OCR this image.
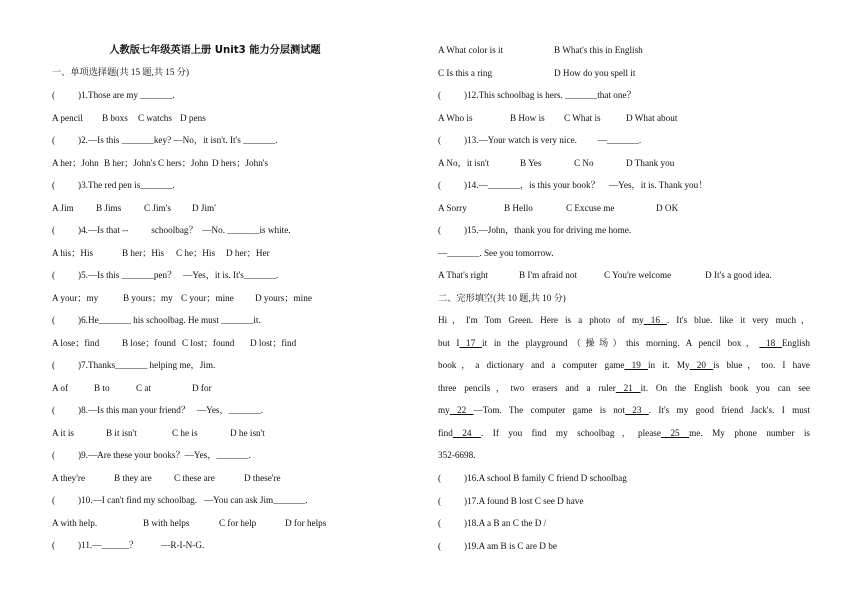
人教版七年级英语上册 Unit3 能力分层测试题
一、单项选择题(共 15 题,共 15 分)
(          )1.Those are my _______.
A pencil B boxs C watchs D pens
(          )2.—Is this _______key? —No，it isn't. It's _______.
A her；John B her；John's C hers；John D hers；John's
(          )3.The red pen is_______.
A Jim B Jims C Jim's D Jim'
(          )4.—Is that --          schoolbag？  —No. _______is white.
A his；His	B her；His C he；His D her；Her
(          )5.—Is this _______pen？   —Yes，it is. It's_______.
A your；my	B yours；my C your；mine D yours；mine
(          )6.He_______ his schoolbag. He must _______it.
A lose；find B lose；found C lost；found D lost；find
(          )7.Thanks_______ helping me，Jim.
A of	B to	C at	D for
(          )8.—Is this man your friend？   —Yes，_______.
A it is	B it isn't	C he is	D he isn't
(          )9.—Are these your books？—Yes，_______.
A they're	B they are C these are	D these're
(          )10.—I can't find my schoolbag.   —You can ask Jim_______.
A with help.	B with helps	C for help	D for helps
(          )11.—______？          —R-I-N-G.
A What color is it	B What's this in English
C Is this a ring	D How do you spell it
(          )12.This schoolbag is hers. _______that one？
A Who is	B How is C What is	D What about
(          )13.—Your watch is very nice.         —_______.
A No，it isn't	B Yes	C No	D Thank you
(          )14.—_______，is this your book？    —Yes，it is. Thank you！
A Sorry	B Hello	C Excuse me	D OK
(          )15.—John，thank you for driving me home.
—_______. See you tomorrow.
A That's right	B I'm afraid not	C You're welcome	D It's a good idea.
二、完形填空(共 10 题,共 10 分)
Hi，I'm Tom Green. Here is a photo of my 16 . It's blue. like it very much，
but I 17 it in the playground（操场）this morning. A pencil box， 18 English
book，a dictionary and a computer game 19 in it. My 20 is blue，too. I have
three pencils，two erasers and a ruler 21 it. On the English book you can see
my 22 —Tom. The computer game is not 23 . It's my good friend Jack's. I must
find 24 . If you find my schoolbag，please 25 me. My phone number is
352-6698.
(          )16.A school B family C friend D schoolbag
(          )17.A found B lost C see D have
(          )18.A a B an C the D /
(          )19.A am B is C are D be
